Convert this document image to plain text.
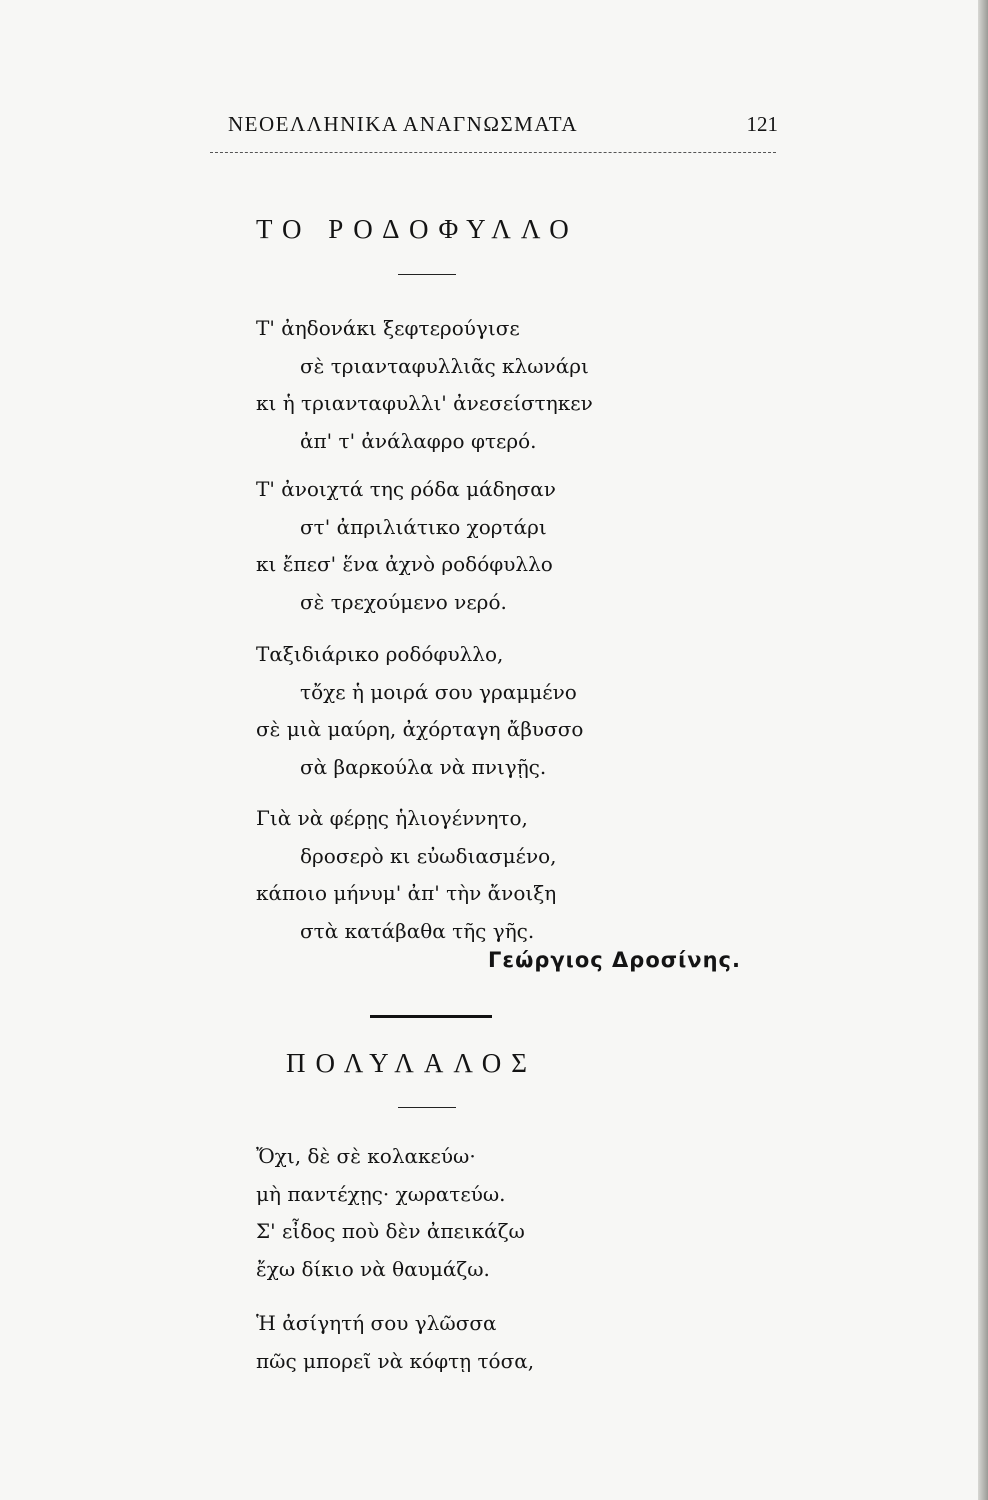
ΝΕΟΕΛΛΗΝΙΚΑ ΑΝΑΓΝΩΣΜΑΤΑ	121
ΤΟ ΡΟΔΟΦΥΛΛΟ
Τ' ἀηδονάκι ξεφτερούγισε
σὲ τριανταφυλλιᾶς κλωνάρι
κι ἡ τριανταφυλλι' ἀνεσείστηκεν
ἀπ' τ' ἀνάλαφρο φτερό.
Τ' ἀνοιχτά της ρόδα μάδησαν
στ' ἀπριλιάτικο χορτάρι
κι ἔπεσ' ἕνα ἀχνὸ ροδόφυλλο
σὲ τρεχούμενο νερό.
Ταξιδιάρικο ροδόφυλλο,
τὄχε ἡ μοιρά σου γραμμένο
σὲ μιὰ μαύρη, ἀχόρταγη ἄβυσσο
σὰ βαρκούλα νὰ πνιγῇς.
Γιὰ νὰ φέρῃς ἡλιογέννητο,
δροσερὸ κι εὐωδιασμένο,
κάποιο μήνυμ' ἀπ' τὴν ἄνοιξη
στὰ κατάβαθα τῆς γῆς.
Γεώργιος Δροσίνης.
ΠΟΛΥΛΑΛΟΣ
Ὄχι, δὲ σὲ κολακεύω·
μὴ παντέχῃς· χωρατεύω.
Σ' εἶδος ποὺ δὲν ἀπεικάζω
ἔχω δίκιο νὰ θαυμάζω.
Ἡ ἀσίγητή σου γλῶσσα
πῶς μπορεῖ νὰ κόφτῃ τόσα,
